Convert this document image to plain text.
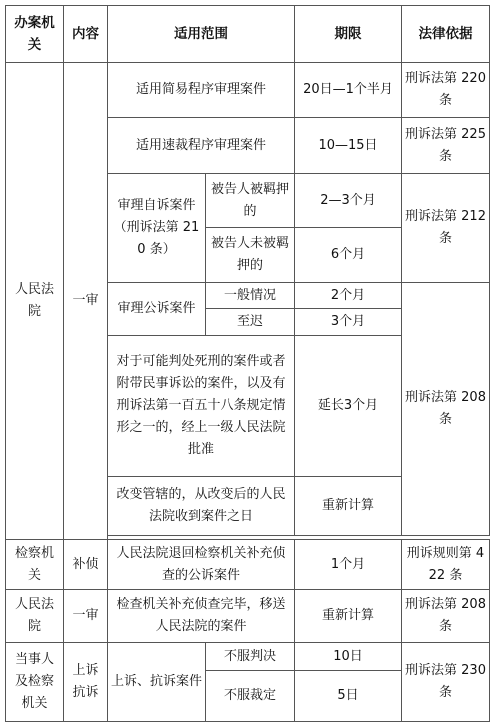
办案机关	内容	适用范围		期限	法律依据
人民法院	一审	适用简易程序审理案件		20日—1个半月	刑诉法第 220 条
		适用速裁程序审理案件		10—15日	刑诉法第 225 条
		审理自诉案件（刑诉法第 210 条）	被告人被羁押的	2—3个月	刑诉法第 212 条
			被告人未被羁押的	6个月	
		审理公诉案件	一般情况	2个月	刑诉法第 208 条
			至迟	3个月	
		对于可能判处死刑的案件或者附带民事诉讼的案件，以及有刑诉法第一百五十八条规定情形之一的，经上一级人民法院批准		延长3个月	
		改变管辖的，从改变后的人民法院收到案件之日		重新计算	

检察机关	补侦	人民法院退回检察机关补充侦查的公诉案件		1个月	刑诉规则第 422 条
人民法院	一审	检查机关补充侦查完毕，移送人民法院的案件		重新计算	刑诉法第 208 条
当事人及检察机关	上诉抗诉	上诉、抗诉案件	不服判决	10日	刑诉法第 230 条
			不服裁定	5日	
